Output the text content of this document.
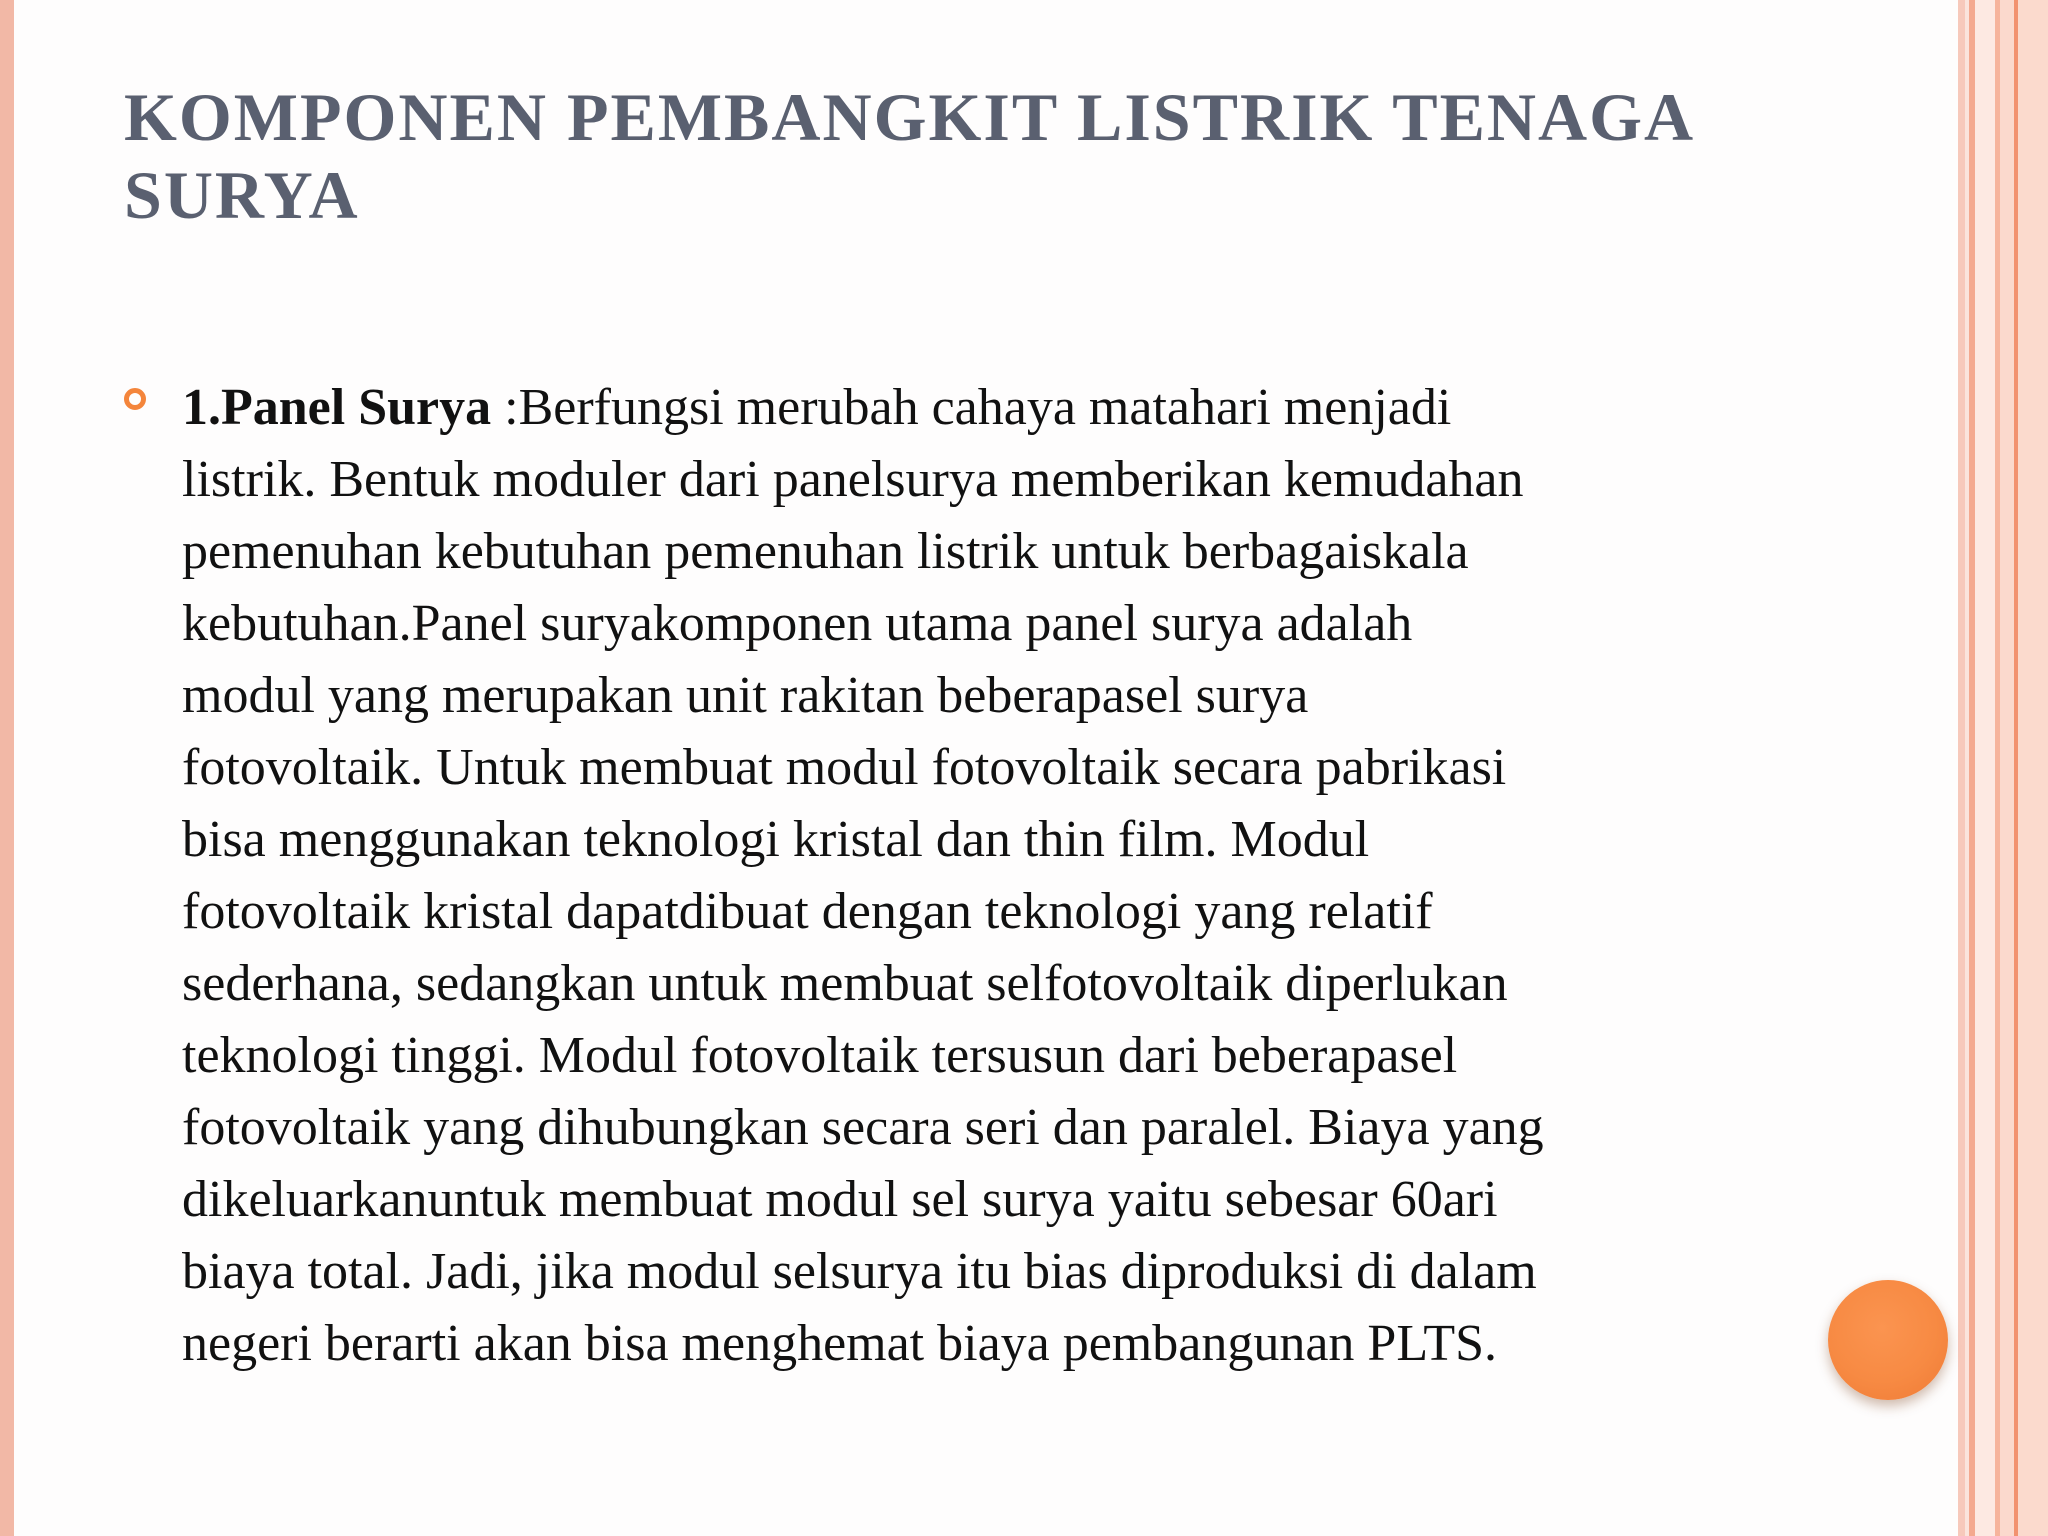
KOMPONEN PEMBANGKIT LISTRIK TENAGA SURYA
1.Panel Surya :Berfungsi merubah cahaya matahari menjadi
listrik. Bentuk moduler dari panelsurya memberikan kemudahan
pemenuhan kebutuhan pemenuhan listrik untuk berbagaiskala
kebutuhan.Panel suryakomponen utama panel surya adalah
modul yang merupakan unit rakitan beberapasel surya
fotovoltaik. Untuk membuat modul fotovoltaik secara pabrikasi
bisa menggunakan teknologi kristal dan thin film. Modul
fotovoltaik kristal dapatdibuat dengan teknologi yang relatif
sederhana, sedangkan untuk membuat selfotovoltaik diperlukan
teknologi tinggi. Modul fotovoltaik tersusun dari beberapasel
fotovoltaik yang dihubungkan secara seri dan paralel. Biaya yang
dikeluarkanuntuk membuat modul sel surya yaitu sebesar 60ari
biaya total. Jadi, jika modul selsurya itu bias diproduksi di dalam
negeri berarti akan bisa menghemat biaya pembangunan PLTS.
